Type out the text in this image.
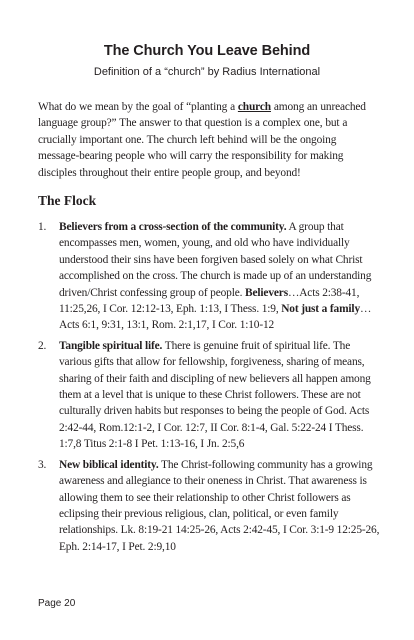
The Church You Leave Behind
Definition of a “church” by Radius International

What do we mean by the goal of “planting a church among an unreached language group?” The answer to that question is a complex one, but a crucially important one. The church left behind will be the ongoing message-bearing people who will carry the responsibility for making disciples throughout their entire people group, and beyond!

The Flock
1. Believers from a cross-section of the community. A group that encompasses men, women, young, and old who have individually understood their sins have been forgiven based solely on what Christ accomplished on the cross. The church is made up of an understanding driven/Christ confessing group of people. Believers…Acts 2:38-41, 11:25,26, I Cor. 12:12-13, Eph. 1:13, I Thess. 1:9, Not just a family… Acts 6:1, 9:31, 13:1, Rom. 2:1,17, I Cor. 1:10-12
2. Tangible spiritual life. There is genuine fruit of spiritual life. The various gifts that allow for fellowship, forgiveness, sharing of means, sharing of their faith and discipling of new believers all happen among them at a level that is unique to these Christ followers. These are not culturally driven habits but responses to being the people of God. Acts 2:42-44, Rom.12:1-2, I Cor. 12:7, II Cor. 8:1-4, Gal. 5:22-24 I Thess. 1:7,8 Titus 2:1-8 I Pet. 1:13-16, I Jn. 2:5,6
3. New biblical identity. The Christ-following community has a growing awareness and allegiance to their oneness in Christ. That awareness is allowing them to see their relationship to other Christ followers as eclipsing their previous religious, clan, political, or even family relationships. Lk. 8:19-21 14:25-26, Acts 2:42-45, I Cor. 3:1-9 12:25-26, Eph. 2:14-17, I Pet. 2:9,10
Page 20
